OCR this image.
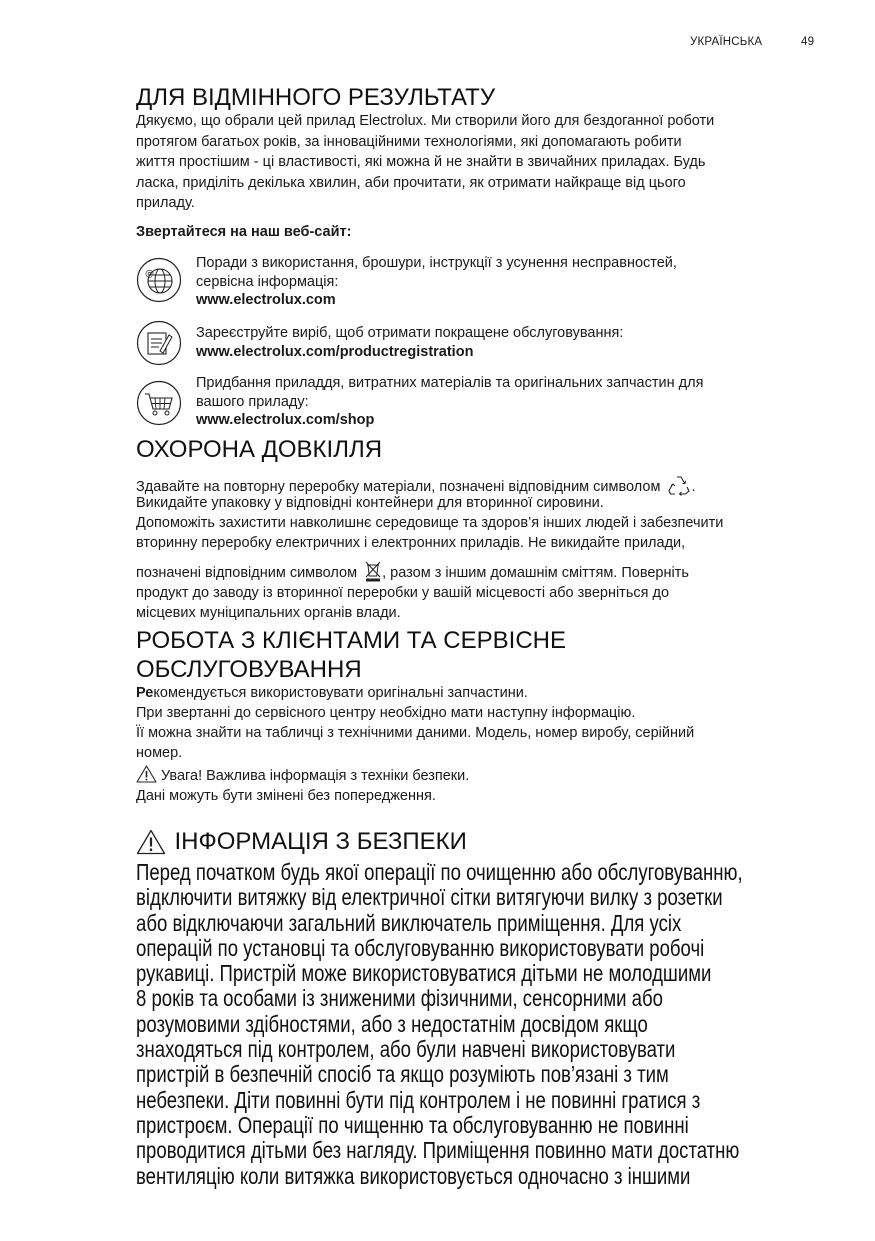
УКРАЇНСЬКА	49
ДЛЯ ВІДМІННОГО РЕЗУЛЬТАТУ
Дякуємо, що обрали цей прилад Electrolux. Ми створили його для бездоганної роботи
протягом багатьох років, за інноваційними технологіями, які допомагають робити
життя простішим - ці властивості, які можна й не знайти в звичайних приладах. Будь
ласка, приділіть декілька хвилин, аби прочитати, як отримати найкраще від цього
приладу.
Звертайтеся на наш веб-сайт:
@
Поради з використання, брошури, інструкції з усунення несправностей,
сервісна інформація:
www.electrolux.com
Зареєструйте виріб, щоб отримати покращене обслуговування:
www.electrolux.com/productregistration
Придбання приладдя, витратних матеріалів та оригінальних запчастин для
вашого приладу:
www.electrolux.com/shop
ОХОРОНА ДОВКІЛЛЯ
Здавайте на повторну переробку матеріали, позначені відповідним символом .
Викидайте упаковку у відповідні контейнери для вторинної сировини.
Допоможіть захистити навколишнє середовище та здоров’я інших людей і забезпечити
вторинну переробку електричних і електронних приладів. Не викидайте прилади,
позначені відповідним символом , разом з іншим домашнім сміттям. Поверніть
продукт до заводу із вторинної переробки у вашій місцевості або зверніться до
місцевих муніципальних органів влади.
РОБОТА З КЛІЄНТАМИ ТА СЕРВІСНЕ
ОБСЛУГОВУВАННЯ
Рекомендується використовувати оригінальні запчастини.
При звертанні до сервісного центру необхідно мати наступну інформацію.
Її можна знайти на табличці з технічними даними. Модель, номер виробу, серійний
номер.
Увага! Важлива інформація з техніки безпеки.
Дані можуть бути змінені без попередження.
ІНФОРМАЦІЯ З БЕЗПЕКИ
Перед початком будь якої операції по очищенню або обслуговуванню,
відключити витяжку від електричної сітки витягуючи вилку з розетки
або відключаючи загальний виключатель приміщення. Для усіх
операцій по установці та обслуговуванню використовувати робочі
рукавиці. Пристрій може використовуватися дітьми не молодшими
8 років та особами із зниженими фізичними, сенсорними або
розумовими здібностями, або з недостатнім досвідом якщо
знаходяться під контролем, або були навчені використовувати
пристрій в безпечній спосіб та якщо розуміють пов’язані з тим
небезпеки. Діти повинні бути під контролем і не повинні гратися з
пристроєм. Операції по чищенню та обслуговуванню не повинні
проводитися дітьми без нагляду. Приміщення повинно мати достатню
вентиляцію коли витяжка використовується одночасно з іншими
